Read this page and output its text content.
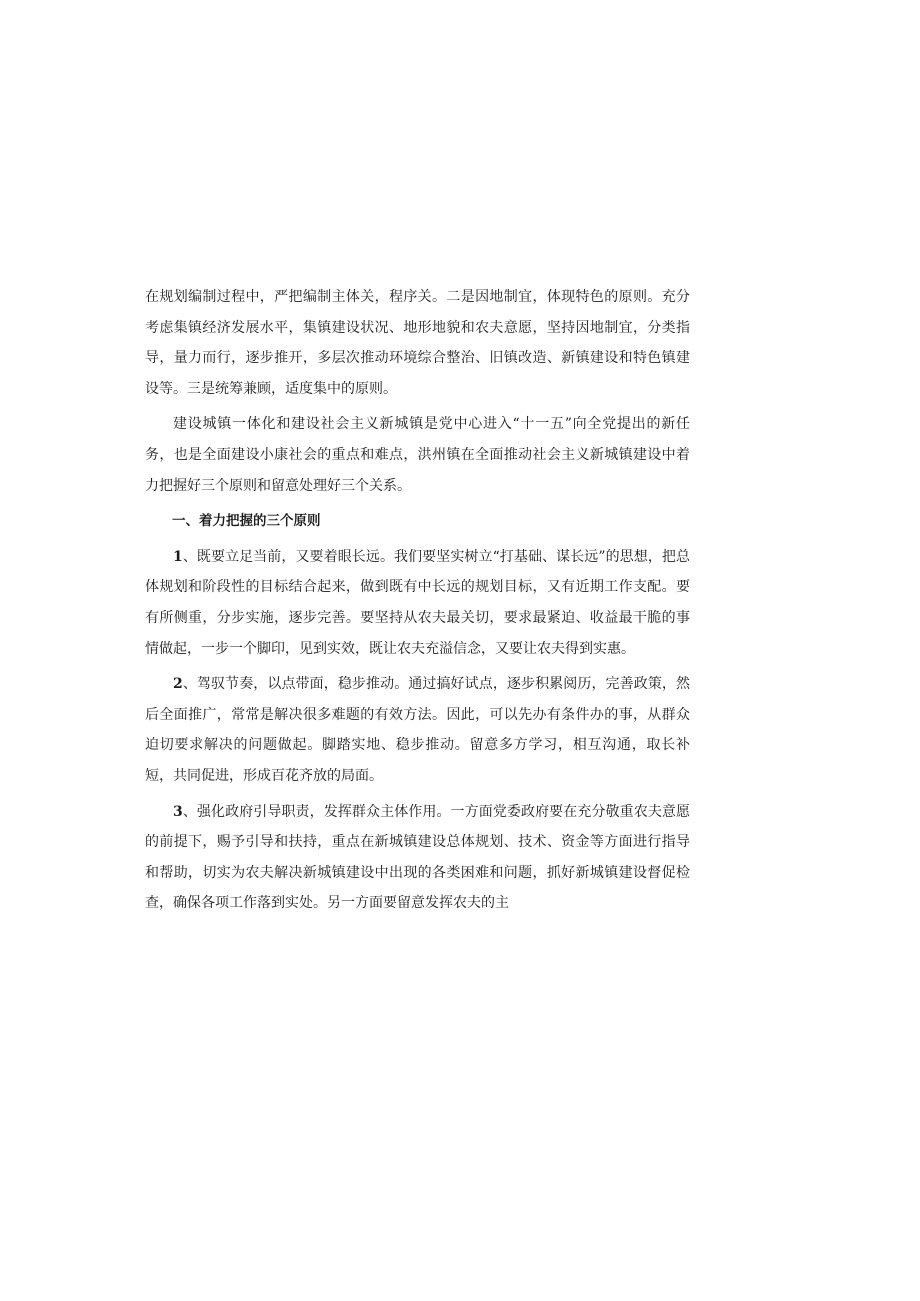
在规划编制过程中，严把编制主体关，程序关。二是因地制宜，体现特色的原则。充分考虑集镇经济发展水平，集镇建设状况、地形地貌和农夫意愿，坚持因地制宜，分类指导，量力而行，逐步推开，多层次推动环境综合整治、旧镇改造、新镇建设和特色镇建设等。三是统筹兼顾，适度集中的原则。

建设城镇一体化和建设社会主义新城镇是党中心进入“十一五”向全党提出的新任务，也是全面建设小康社会的重点和难点，洪州镇在全面推动社会主义新城镇建设中着力把握好三个原则和留意处理好三个关系。

一、着力把握的三个原则

1、既要立足当前，又要着眼长远。我们要坚实树立“打基础、谋长远”的思想，把总体规划和阶段性的目标结合起来，做到既有中长远的规划目标，又有近期工作支配。要有所侧重，分步实施，逐步完善。要坚持从农夫最关切，要求最紧迫、收益最干脆的事情做起，一步一个脚印，见到实效，既让农夫充溢信念，又要让农夫得到实惠。

2、驾驭节奏，以点带面，稳步推动。通过搞好试点，逐步积累阅历，完善政策，然后全面推广，常常是解决很多难题的有效方法。因此，可以先办有条件办的事，从群众迫切要求解决的问题做起。脚踏实地、稳步推动。留意多方学习，相互沟通，取长补短，共同促进，形成百花齐放的局面。

3、强化政府引导职责，发挥群众主体作用。一方面党委政府要在充分敬重农夫意愿的前提下，赐予引导和扶持，重点在新城镇建设总体规划、技术、资金等方面进行指导和帮助，切实为农夫解决新城镇建设中出现的各类困难和问题，抓好新城镇建设督促检查，确保各项工作落到实处。另一方面要留意发挥农夫的主
